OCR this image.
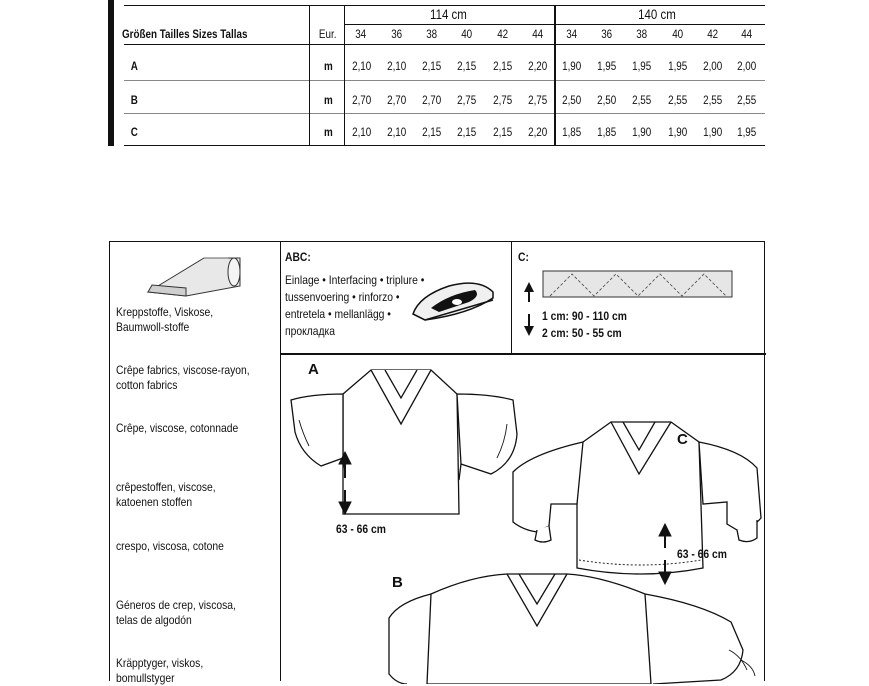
114 cm	140 cm
Größen Tailles Sizes Tallas	Eur. 34 36 38 40 42 44 34 36 38 40 42 44
A	m 2,10 2,10 2,15 2,15 2,15 2,20 1,90 1,95 1,95 1,95 2,00 2,00
B	m 2,70 2,70 2,70 2,75 2,75 2,75 2,50 2,50 2,55 2,55 2,55 2,55
C	m 2,10 2,10 2,15 2,15 2,15 2,20 1,85 1,85 1,90 1,90 1,90 1,95
Kreppstoffe, Viskose, Baumwoll-stoffe
Crêpe fabrics, viscose-rayon, cotton fabrics
Crêpe, viscose, cotonnade
crêpestoffen, viscose, katoenen stoffen
crespo, viscosa, cotone
Géneros de crep, viscosa, telas de algodón
Kräpptyger, viskos, bomullstyger
ABC:
Einlage • Interfacing • triplure •
tussenvoering • rinforzo •
entretela • mellanlägg •
прокладка
C:
1 cm: 90 - 110 cm
2 cm: 50 - 55 cm
A
63 - 66 cm
C
63 - 66 cm
B
